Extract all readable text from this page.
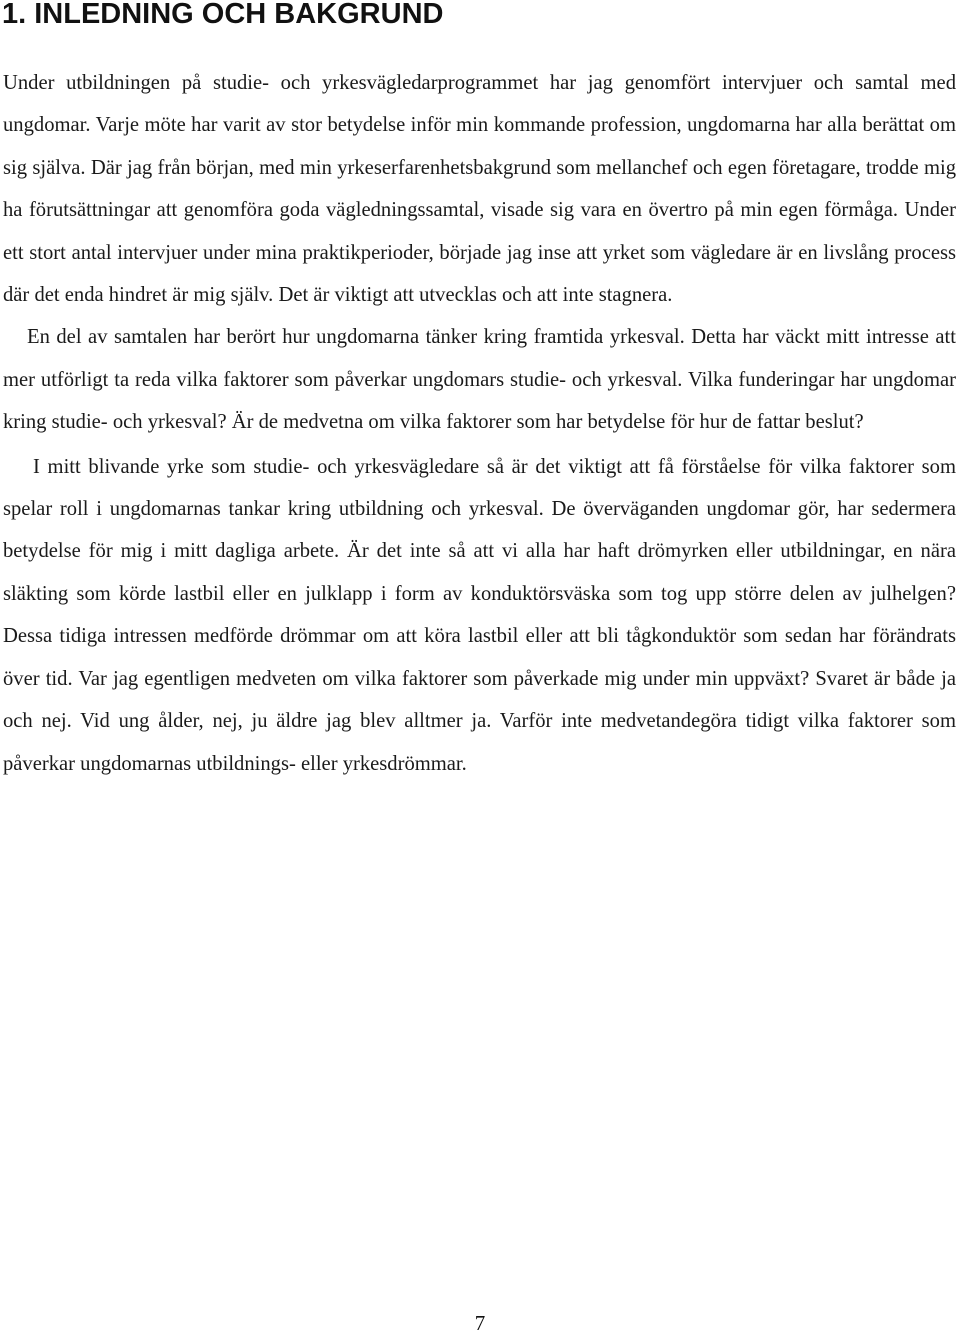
1. INLEDNING OCH BAKGRUND

Under utbildningen på studie- och yrkesvägledarprogrammet har jag genomfört intervjuer och samtal med ungdomar. Varje möte har varit av stor betydelse inför min kommande profession, ungdomarna har alla berättat om sig själva. Där jag från början, med min yrkeserfarenhetsbakgrund som mellanchef och egen företagare, trodde mig ha förutsättningar att genomföra goda vägledningssamtal, visade sig vara en övertro på min egen förmåga. Under ett stort antal intervjuer under mina praktikperioder, började jag inse att yrket som vägledare är en livslång process där det enda hindret är mig själv. Det är viktigt att utvecklas och att inte stagnera.

En del av samtalen har berört hur ungdomarna tänker kring framtida yrkesval. Detta har väckt mitt intresse att mer utförligt ta reda vilka faktorer som påverkar ungdomars studie- och yrkesval. Vilka funderingar har ungdomar kring studie- och yrkesval? Är de medvetna om vilka faktorer som har betydelse för hur de fattar beslut?

I mitt blivande yrke som studie- och yrkesvägledare så är det viktigt att få förståelse för vilka faktorer som spelar roll i ungdomarnas tankar kring utbildning och yrkesval. De överväganden ungdomar gör, har sedermera betydelse för mig i mitt dagliga arbete. Är det inte så att vi alla har haft drömyrken eller utbildningar, en nära släkting som körde lastbil eller en julklapp i form av konduktörsväska som tog upp större delen av julhelgen? Dessa tidiga intressen medförde drömmar om att köra lastbil eller att bli tågkonduktör som sedan har förändrats över tid. Var jag egentligen medveten om vilka faktorer som påverkade mig under min uppväxt? Svaret är både ja och nej. Vid ung ålder, nej, ju äldre jag blev alltmer ja. Varför inte medvetandegöra tidigt vilka faktorer som påverkar ungdomarnas utbildnings- eller yrkesdrömmar.

7
